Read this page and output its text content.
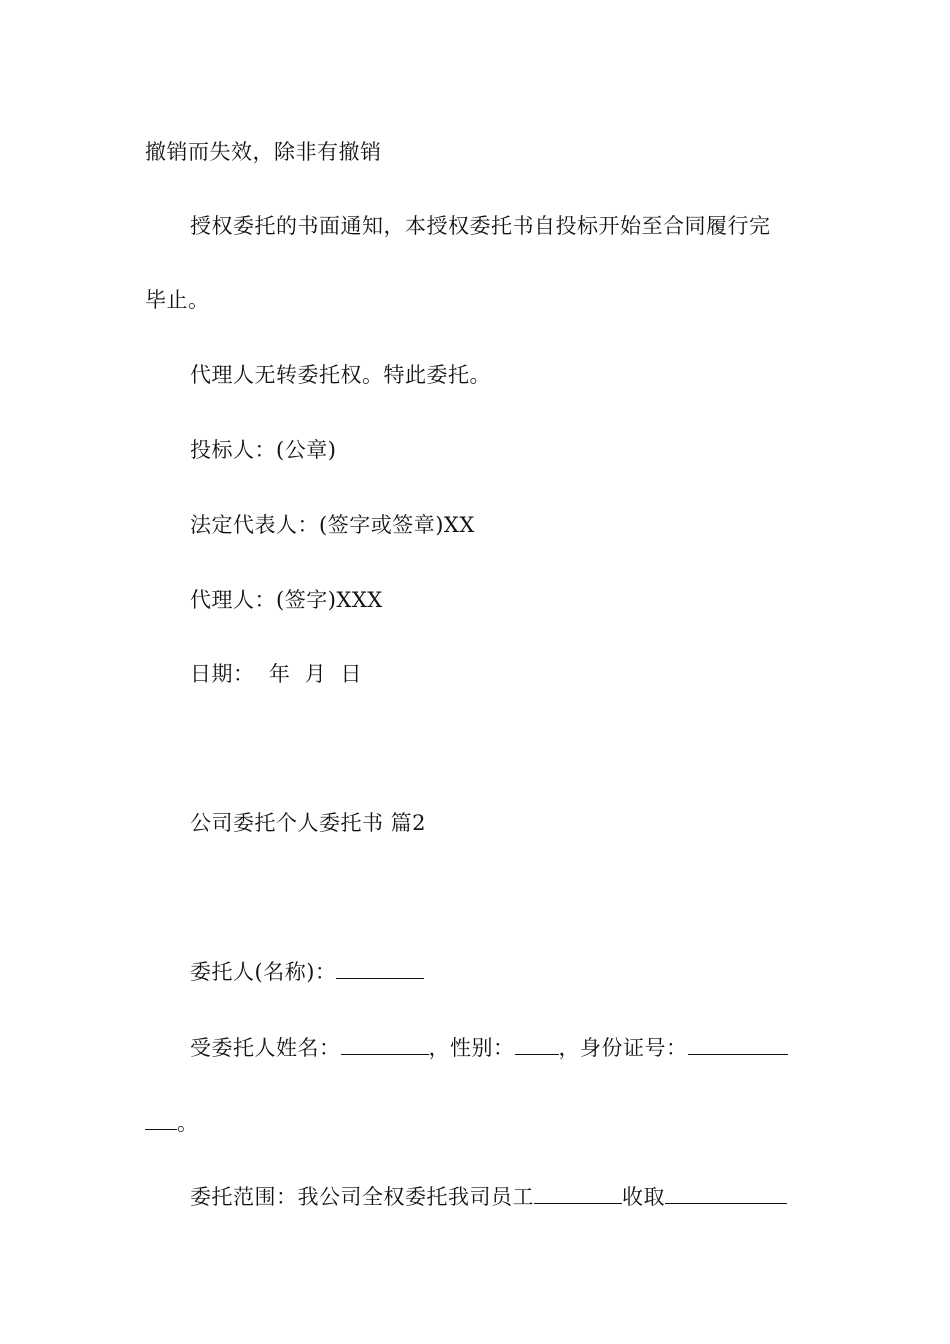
撤销而失效，除非有撤销
授权委托的书面通知，本授权委托书自投标开始至合同履行完
毕止。
代理人无转委托权。特此委托。
投标人：(公章)
法定代表人：(签字或签章)XX
代理人：(签字)XXX
日期：  年  月  日
公司委托个人委托书 篇2
委托人(名称)：
受委托人姓名：	，性别： ，身份证号：
。
委托范围：我公司全权委托我司员工	收取
